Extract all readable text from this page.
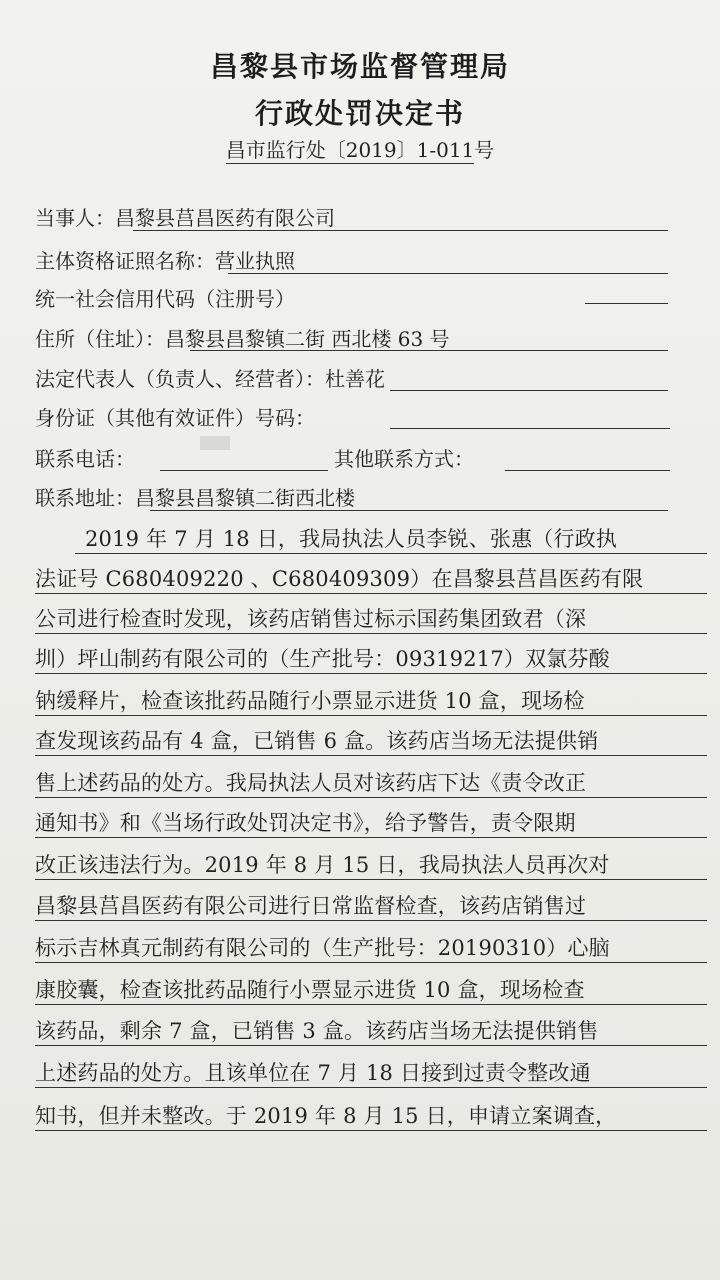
昌黎县市场监督管理局
行政处罚决定书
昌市监行处〔2019〕1-011号
当事人：昌黎县莒昌医药有限公司
主体资格证照名称：营业执照
统一社会信用代码（注册号）
住所（住址）：昌黎县昌黎镇二街 西北楼 63 号
法定代表人（负责人、经营者）：杜善花
身份证（其他有效证件）号码：
联系电话：	其他联系方式：
联系地址：昌黎县昌黎镇二街西北楼
2019 年 7 月 18 日，我局执法人员李锐、张惠（行政执
法证号 C680409220 、C680409309）在昌黎县莒昌医药有限
公司进行检查时发现，该药店销售过标示国药集团致君（深
圳）坪山制药有限公司的（生产批号：09319217）双氯芬酸
钠缓释片，检查该批药品随行小票显示进货 10 盒，现场检
查发现该药品有 4 盒，已销售 6 盒。该药店当场无法提供销
售上述药品的处方。我局执法人员对该药店下达《责令改正
通知书》和《当场行政处罚决定书》，给予警告，责令限期
改正该违法行为。2019 年 8 月 15 日，我局执法人员再次对
昌黎县莒昌医药有限公司进行日常监督检查，该药店销售过
标示吉林真元制药有限公司的（生产批号：20190310）心脑
康胶囊，检查该批药品随行小票显示进货 10 盒，现场检查
该药品，剩余 7 盒，已销售 3 盒。该药店当场无法提供销售
上述药品的处方。且该单位在 7 月 18 日接到过责令整改通
知书，但并未整改。于 2019 年 8 月 15 日，申请立案调查，
